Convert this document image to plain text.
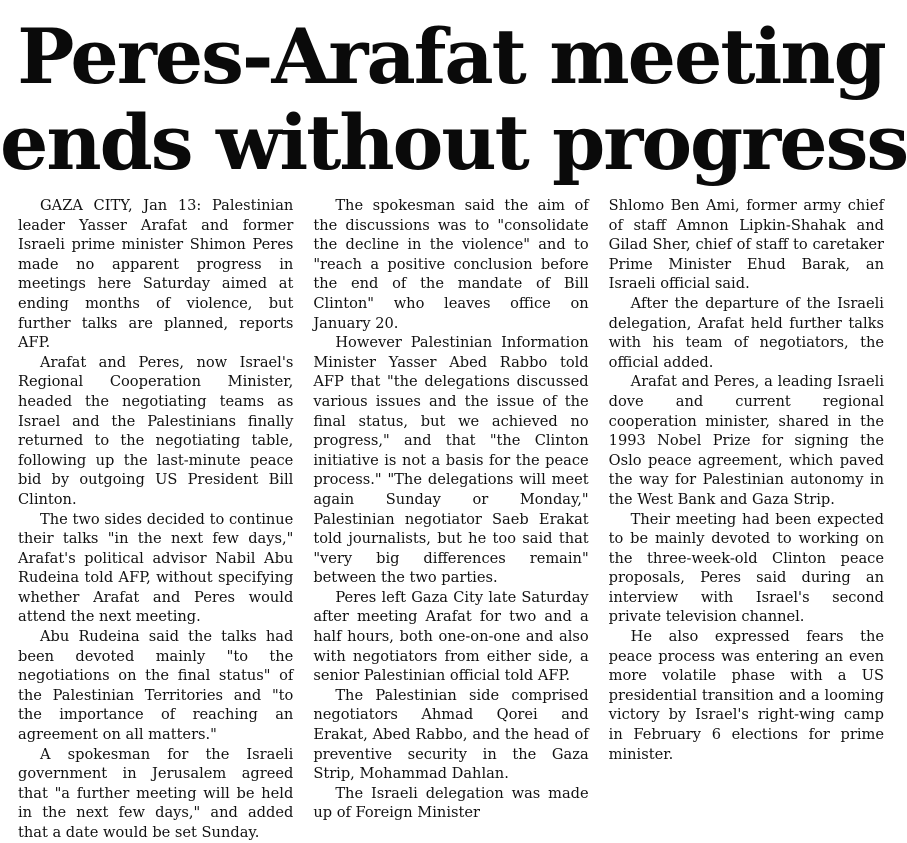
Peres-Arafat meeting
ends without progress

GAZA CITY, Jan 13: Palestinian leader Yasser Arafat and former Israeli prime minister Shimon Peres made no apparent progress in meetings here Saturday aimed at ending months of violence, but further talks are planned, reports AFP.

Arafat and Peres, now Israel's Regional Cooperation Minister, headed the negotiating teams as Israel and the Palestinians finally returned to the negotiating table, following up the last-minute peace bid by outgoing US President Bill Clinton.

The two sides decided to continue their talks "in the next few days," Arafat's political advisor Nabil Abu Rudeina told AFP, without specifying whether Arafat and Peres would attend the next meeting.

Abu Rudeina said the talks had been devoted mainly "to the negotiations on the final status" of the Palestinian Territories and "to the importance of reaching an agreement on all matters."

A spokesman for the Israeli government in Jerusalem agreed that "a further meeting will be held in the next few days," and added that a date would be set Sunday.

The spokesman said the aim of the discussions was to "consolidate the decline in the violence" and to "reach a positive conclusion before the end of the mandate of Bill Clinton" who leaves office on January 20.

However Palestinian Information Minister Yasser Abed Rabbo told AFP that "the delegations discussed various issues and the issue of the final status, but we achieved no progress," and that "the Clinton initiative is not a basis for the peace process." "The delegations will meet again Sunday or Monday," Palestinian negotiator Saeb Erakat told journalists, but he too said that "very big differences remain" between the two parties.

Peres left Gaza City late Saturday after meeting Arafat for two and a half hours, both one-on-one and also with negotiators from either side, a senior Palestinian official told AFP.

The Palestinian side comprised negotiators Ahmad Qorei and Erakat, Abed Rabbo, and the head of preventive security in the Gaza Strip, Mohammad Dahlan.

The Israeli delegation was made up of Foreign Minister

Shlomo Ben Ami, former army chief of staff Amnon Lipkin-Shahak and Gilad Sher, chief of staff to caretaker Prime Minister Ehud Barak, an Israeli official said.

After the departure of the Israeli delegation, Arafat held further talks with his team of negotiators, the official added.

Arafat and Peres, a leading Israeli dove and current regional cooperation minister, shared in the 1993 Nobel Prize for signing the Oslo peace agreement, which paved the way for Palestinian autonomy in the West Bank and Gaza Strip.

Their meeting had been expected to be mainly devoted to working on the three-week-old Clinton peace proposals, Peres said during an interview with Israel's second private television channel.

He also expressed fears the peace process was entering an even more volatile phase with a US presidential transition and a looming victory by Israel's right-wing camp in February 6 elections for prime minister.
